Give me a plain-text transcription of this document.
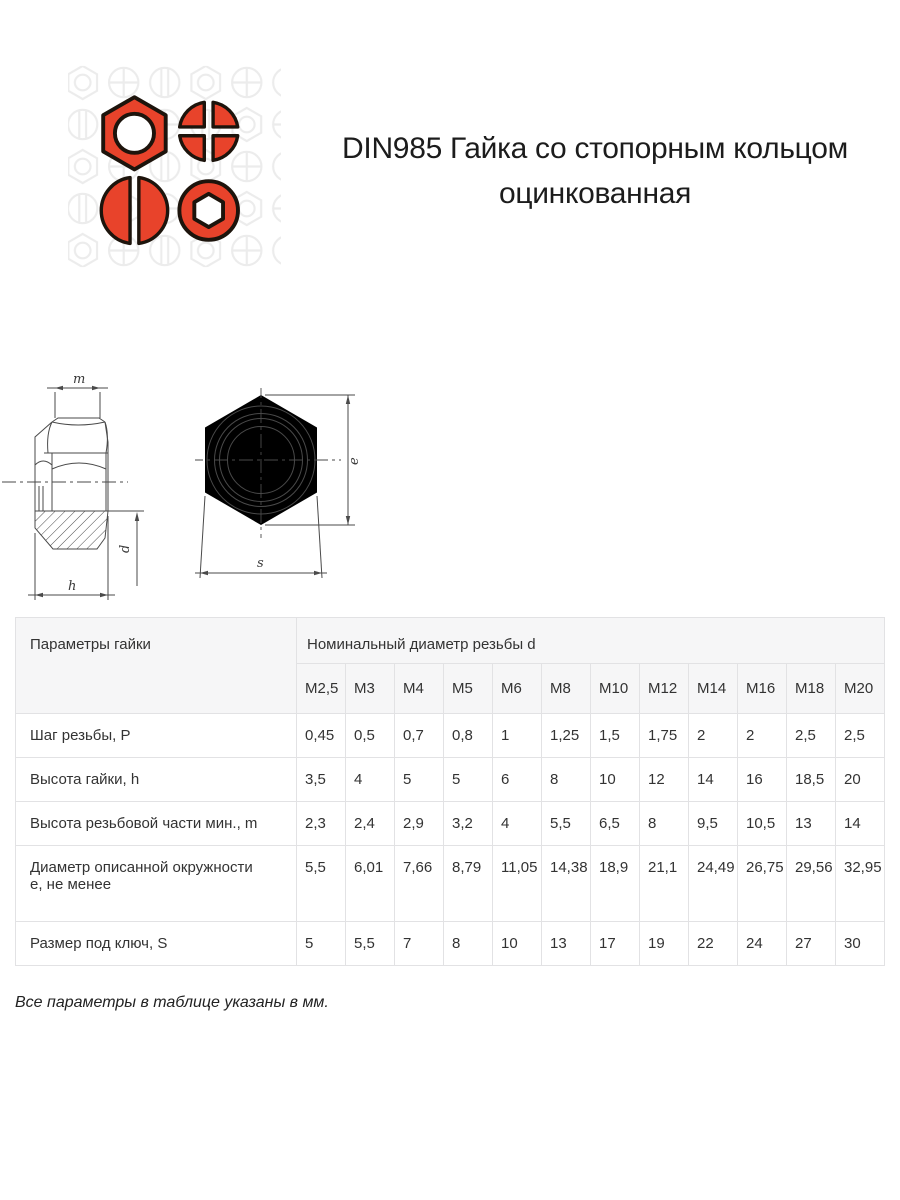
DIN985 Гайка со стопорным кольцом
оцинкованная
m
d
h
e
s
Параметры гайки	Номинальный диаметр резьбы d											
	M2,5	M3	M4	M5	M6	M8	M10	M12	M14	M16	M18	M20
Шаг резьбы, P	0,45	0,5	0,7	0,8	1	1,25	1,5	1,75	2	2	2,5	2,5
Высота гайки, h	3,5	4	5	5	6	8	10	12	14	16	18,5	20
Высота резьбовой части мин., m	2,3	2,4	2,9	3,2	4	5,5	6,5	8	9,5	10,5	13	14
Диаметр описанной окружности е, не менее	5,5	6,01	7,66	8,79	11,05	14,38	18,9	21,1	24,49	26,75	29,56	32,95
Размер под ключ, S	5	5,5	7	8	10	13	17	19	22	24	27	30
Все параметры в таблице указаны в мм.
